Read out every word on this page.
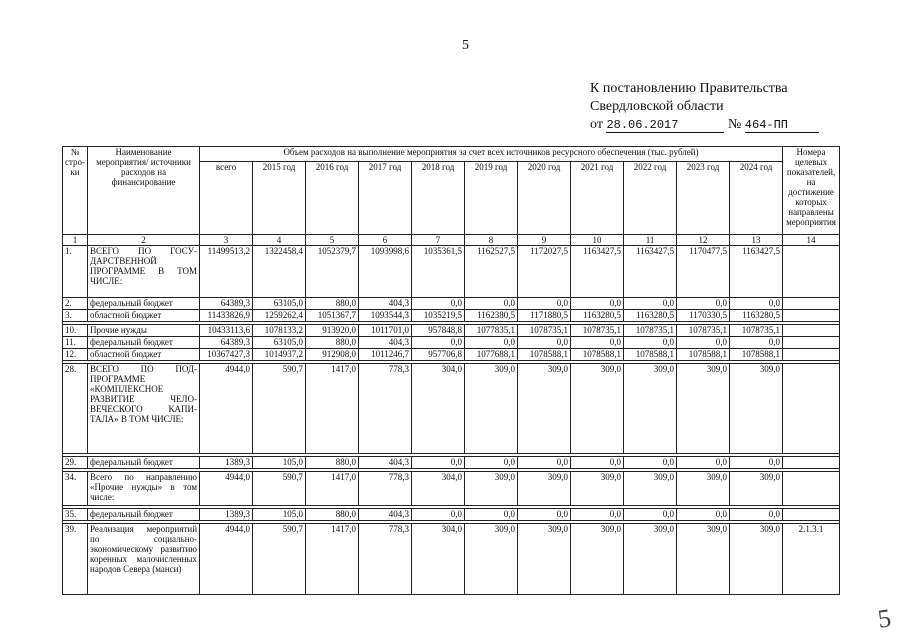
5
К постановлению Правительства
Свердловской области
от 28.06.2017	№ 464-ПП
№ стро-ки	Наименование мероприятия/ источники расходов на финансирование	Объем расходов на выполнение мероприятия за счет всех источников ресурсного обеспечения (тыс. рублей)											Номера целевых показателей, на достижение которых направлены мероприятия
		всего	2015 год	2016 год	2017 год	2018 год	2019 год	2020 год	2021 год	2022 год	2023 год	2024 год	
1	2	3	4	5	6	7	8	9	10	11	12	13	14
1.	ВСЕГО ПО ГОСУ-ДАРСТВЕННОЙ ПРОГРАММЕ В ТОМ ЧИСЛЕ:	11499513,2	1322458,4	1052379,7	1093998,6	1035361,5	1162527,5	1172027,5	1163427,5	1163427,5	1170477,5	1163427,5	
2.	федеральный бюджет	64389,3	63105,0	880,0	404,3	0,0	0,0	0,0	0,0	0,0	0,0	0,0	
3.	областной бюджет	11433826,9	1259262,4	1051367,7	1093544,3	1035219,5	1162380,5	1171880,5	1163280,5	1163280,5	1170330,5	1163280,5	

10.	Прочие нужды	10433113,6	1078133,2	913920,0	1011701,0	957848,8	1077835,1	1078735,1	1078735,1	1078735,1	1078735,1	1078735,1	
11.	федеральный бюджет	64389,3	63105,0	880,0	404,3	0,0	0,0	0,0	0,0	0,0	0,0	0,0	
12.	областной бюджет	10367427,3	1014937,2	912908,0	1011246,7	957706,8	1077688,1	1078588,1	1078588,1	1078588,1	1078588,1	1078588,1	

28.	ВСЕГО ПО ПОД-ПРОГРАММЕ «КОМПЛЕКСНОЕ РАЗВИТИЕ ЧЕЛО-ВЕЧЕСКОГО КАПИ-ТАЛА» В ТОМ ЧИСЛЕ:	4944,0	590,7	1417,0	778,3	304,0	309,0	309,0	309,0	309,0	309,0	309,0	

29.	федеральный бюджет	1389,3	105,0	880,0	404,3	0,0	0,0	0,0	0,0	0,0	0,0	0,0	

34.	Всего по направлению «Прочие нужды» в том числе:	4944,0	590,7	1417,0	778,3	304,0	309,0	309,0	309,0	309,0	309,0	309,0	

35.	федеральный бюджет	1389,3	105,0	880,0	404,3	0,0	0,0	0,0	0,0	0,0	0,0	0,0	

39.	Реализация мероприятий по социально-экономическому развитию коренных малочисленных народов Севера (манси)	4944,0	590,7	1417,0	778,3	304,0	309,0	309,0	309,0	309,0	309,0	309,0	2.1.3.1
5
